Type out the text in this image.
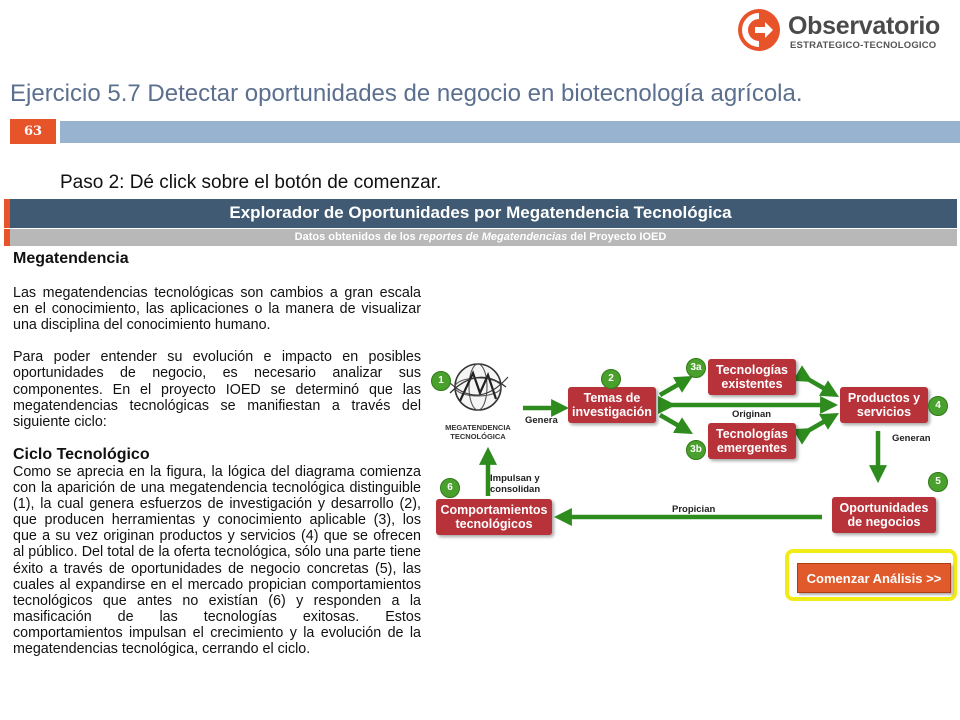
Observatorio
ESTRATEGICO-TECNOLOGICO
Ejercicio 5.7 Detectar oportunidades de negocio en biotecnología agrícola.
63
Paso 2: Dé click sobre el botón de comenzar.
Explorador de Oportunidades por Megatendencia Tecnológica
Datos obtenidos de los reportes de Megatendencias del Proyecto IOED
Megatendencia

Las megatendencias tecnológicas son cambios a gran escala en el conocimiento, las aplicaciones o la manera de visualizar una disciplina del conocimiento humano.

Para poder entender su evolución e impacto en posibles oportunidades de negocio, es necesario analizar sus componentes. En el proyecto IOED se determinó que las megatendencias tecnológicas se manifiestan a través del siguiente ciclo:

Ciclo Tecnológico

Como se aprecia en la figura, la lógica del diagrama comienza con la aparición de una megatendencia tecnológica distinguible (1), la cual genera esfuerzos de investigación y desarrollo (2), que producen herramientas y conocimiento aplicable (3), los que a su vez originan productos y servicios (4) que se ofrecen al público. Del total de la oferta tecnológica, sólo una parte tiene éxito a través de oportunidades de negocio concretas (5), las cuales al expandirse en el mercado propician comportamientos tecnológicos que antes no existían (6) y responden a la masificación de las tecnologías exitosas. Estos comportamientos impulsan el crecimiento y la evolución de la megatendencias tecnológica, cerrando el ciclo.

MEGATENDENCIA
TECNOLÓGICA
Temas de investigación
Tecnologías existentes
Tecnologías emergentes
Productos y servicios
Oportunidades de negocios
Comportamientos tecnológicos
1	2
3a
3b
4
5
6
Genera
Originan
Generan
Propician
Impulsan y
consolidan
Comenzar Análisis >>
